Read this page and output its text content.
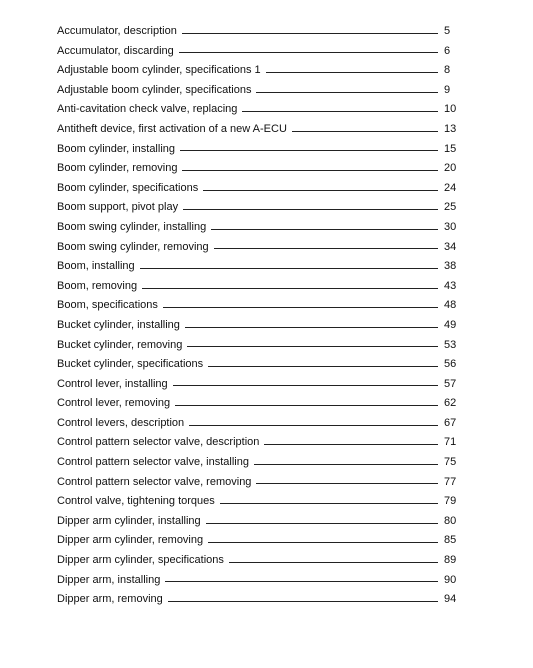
Accumulator, description	5
Accumulator, discarding	6
Adjustable boom cylinder, specifications 1	8
Adjustable boom cylinder, specifications	9
Anti-cavitation check valve, replacing	10
Antitheft device, first activation of a new A-ECU	13
Boom cylinder, installing	15
Boom cylinder, removing	20
Boom cylinder, specifications	24
Boom support, pivot play	25
Boom swing cylinder, installing	30
Boom swing cylinder, removing	34
Boom, installing	38
Boom, removing	43
Boom, specifications	48
Bucket cylinder, installing	49
Bucket cylinder, removing	53
Bucket cylinder, specifications	56
Control lever, installing	57
Control lever, removing	62
Control levers, description	67
Control pattern selector valve, description	71
Control pattern selector valve, installing	75
Control pattern selector valve, removing	77
Control valve, tightening torques	79
Dipper arm cylinder, installing	80
Dipper arm cylinder, removing	85
Dipper arm cylinder, specifications	89
Dipper arm, installing	90
Dipper arm, removing	94
